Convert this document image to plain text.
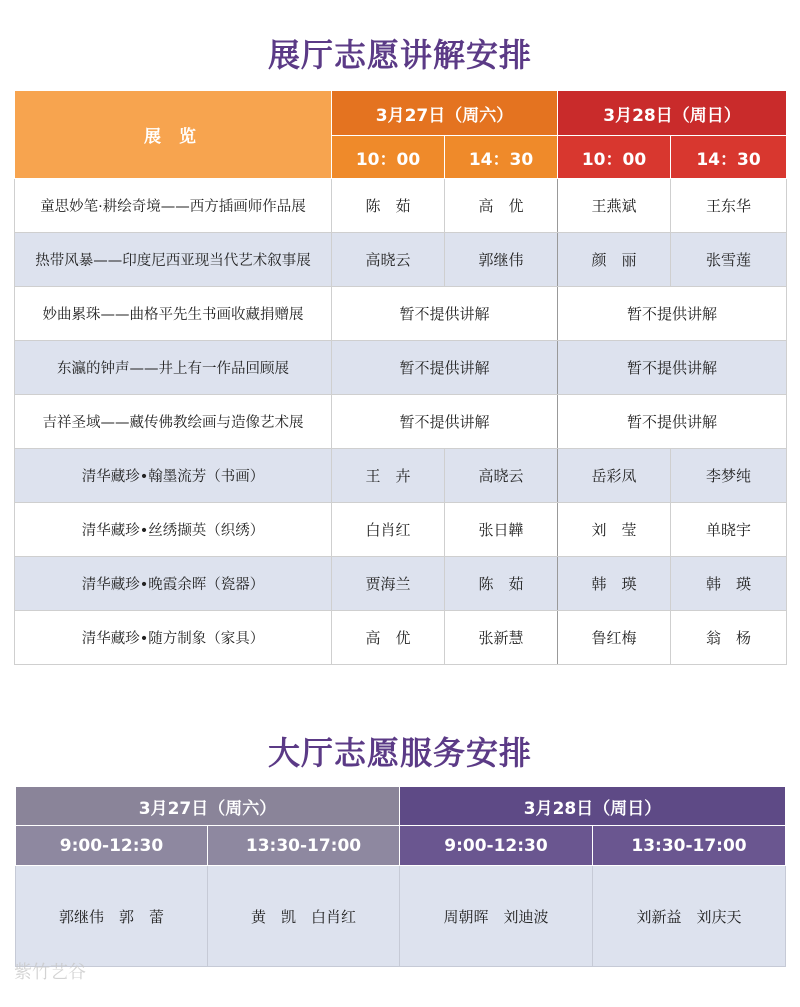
展厅志愿讲解安排
展 览	3月27日（周六）		3月28日（周日）	
	10：00	14：30	10：00	14：30
童思妙笔·耕绘奇境——西方插画师作品展	陈　茹	高　优	王燕斌	王东华
热带风暴——印度尼西亚现当代艺术叙事展	高晓云	郭继伟	颜　丽	张雪莲
妙曲累珠——曲格平先生书画收藏捐赠展	暂不提供讲解		暂不提供讲解	
东瀛的钟声——井上有一作品回顾展	暂不提供讲解		暂不提供讲解	
吉祥圣域——藏传佛教绘画与造像艺术展	暂不提供讲解		暂不提供讲解	
清华藏珍•翰墨流芳（书画）	王　卉	高晓云	岳彩凤	李梦纯
清华藏珍•丝绣撷英（织绣）	白肖红	张日韡	刘　莹	单晓宇
清华藏珍•晚霞余晖（瓷器）	贾海兰	陈　茹	韩　瑛	韩　瑛
清华藏珍•随方制象（家具）	高　优	张新慧	鲁红梅	翁　杨
大厅志愿服务安排
3月27日（周六）		3月28日（周日）	
9:00-12:30	13:30-17:00	9:00-12:30	13:30-17:00
郭继伟　郭　蕾	黄　凯　白肖红	周朝晖　刘迪波	刘新益　刘庆天
紫竹艺谷
